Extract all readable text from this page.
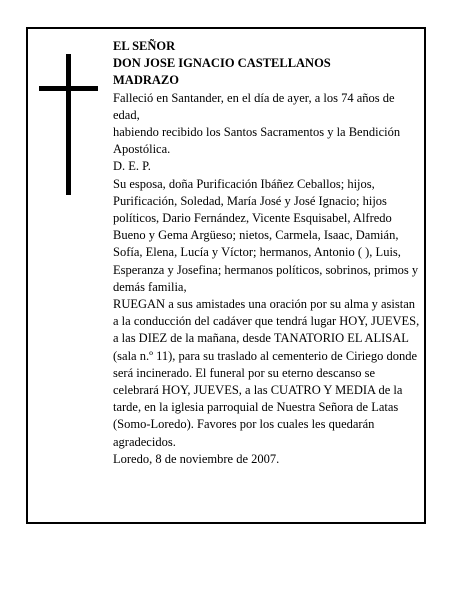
EL SEÑOR

DON JOSE IGNACIO CASTELLANOS

MADRAZO

Falleció en Santander, en el día de ayer, a los 74 años de edad,

habiendo recibido los Santos Sacramentos y la Bendición Apostólica.

D. E. P.

Su esposa, doña Purificación Ibáñez Ceballos; hijos, Purificación, Soledad, María José y José Ignacio; hijos políticos, Dario Fernández, Vicente Esquisabel, Alfredo Bueno y Gema Argüeso; nietos, Carmela, Isaac, Damián, Sofía, Elena, Lucía y Víctor; hermanos, Antonio ( ), Luis, Esperanza y Josefina; hermanos políticos, sobrinos, primos y demás familia,

RUEGAN a sus amistades una oración por su alma y asistan a la conducción del cadáver que tendrá lugar HOY, JUEVES, a las DIEZ de la mañana, desde TANATORIO EL ALISAL (sala n.º 11), para su traslado al cementerio de Ciriego donde será incinerado. El funeral por su eterno descanso se celebrará HOY, JUEVES, a las CUATRO Y MEDIA de la tarde, en la iglesia parroquial de Nuestra Señora de Latas (Somo-Loredo). Favores por los cuales les quedarán agradecidos.

Loredo, 8 de noviembre de 2007.
